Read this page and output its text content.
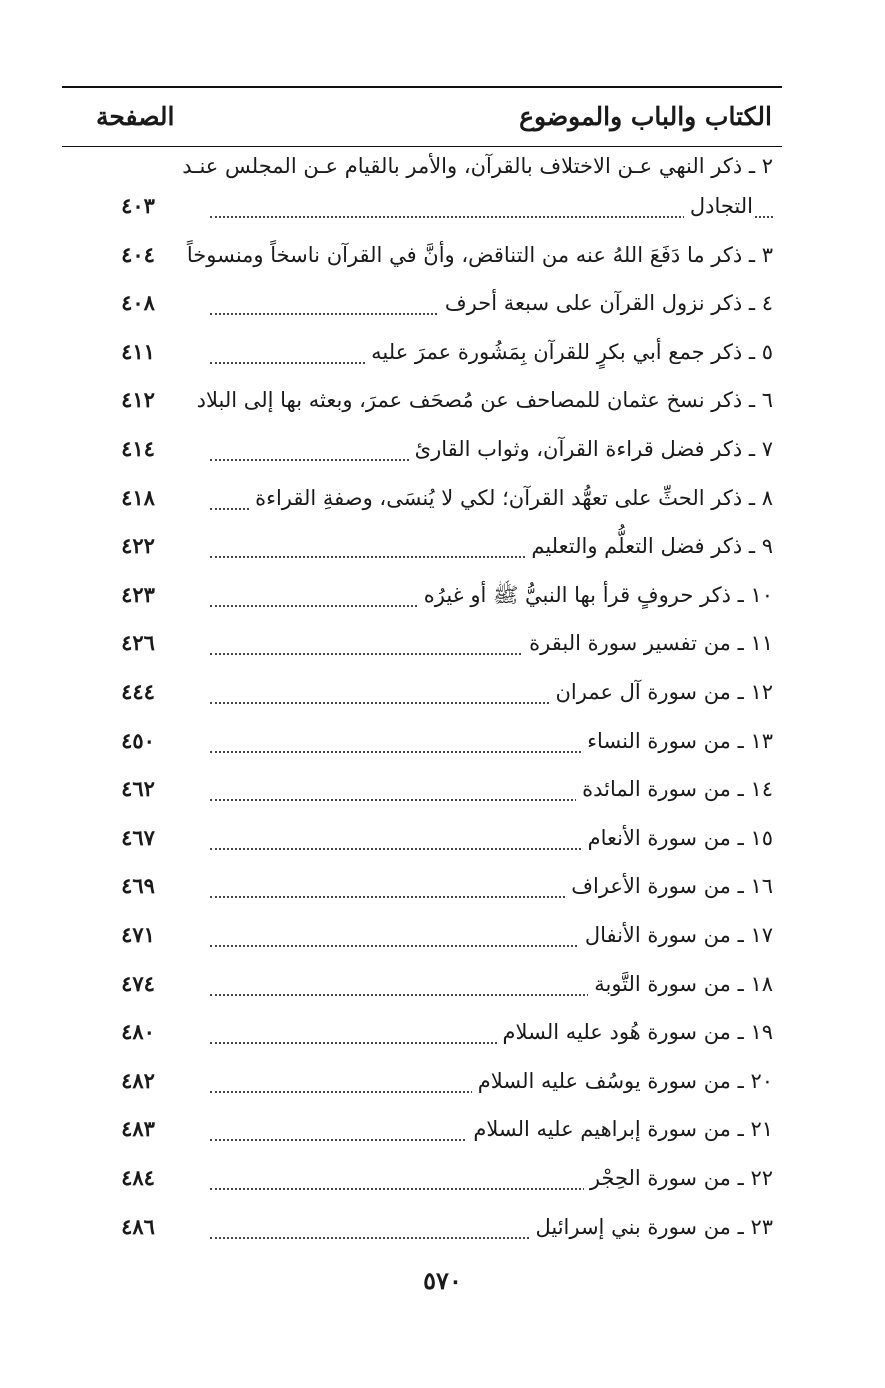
الكتاب والباب والموضوع
الصفحة
٢ ـ ذكر النهي عـن الاختلاف بالقرآن، والأمر بالقيام عـن المجلس عنـد
التجادل
٤٠٣
٣ ـ ذكر ما دَفَعَ اللهُ عنه من التناقض، وأنَّ في القرآن ناسخاً ومنسوخاً
٤٠٤
٤ ـ ذكر نزول القرآن على سبعة أحرف
٤٠٨
٥ ـ ذكر جمع أبي بكرٍ للقرآن بِمَشُورة عمرَ عليه
٤١١
٦ ـ ذكر نسخ عثمان للمصاحف عن مُصحَف عمرَ، وبعثه بها إلى البلاد
٤١٢
٧ ـ ذكر فضل قراءة القرآن، وثواب القارئ
٤١٤
٨ ـ ذكر الحثِّ على تعهُّد القرآن؛ لكي لا يُنسَى، وصفةِ القراءة
٤١٨
٩ ـ ذكر فضل التعلُّم والتعليم
٤٢٢
١٠ ـ ذكر حروفٍ قرأ بها النبيُّ ﷺ أو غيرُه
٤٢٣
١١ ـ من تفسير سورة البقرة
٤٢٦
١٢ ـ من سورة آل عمران
٤٤٤
١٣ ـ من سورة النساء
٤٥٠
١٤ ـ من سورة المائدة
٤٦٢
١٥ ـ من سورة الأنعام
٤٦٧
١٦ ـ من سورة الأعراف
٤٦٩
١٧ ـ من سورة الأنفال
٤٧١
١٨ ـ من سورة التَّوبة
٤٧٤
١٩ ـ من سورة هُود عليه السلام
٤٨٠
٢٠ ـ من سورة يوسُف عليه السلام
٤٨٢
٢١ ـ من سورة إبراهيم عليه السلام
٤٨٣
٢٢ ـ من سورة الحِجْر
٤٨٤
٢٣ ـ من سورة بني إسرائيل
٤٨٦
٥٧٠
